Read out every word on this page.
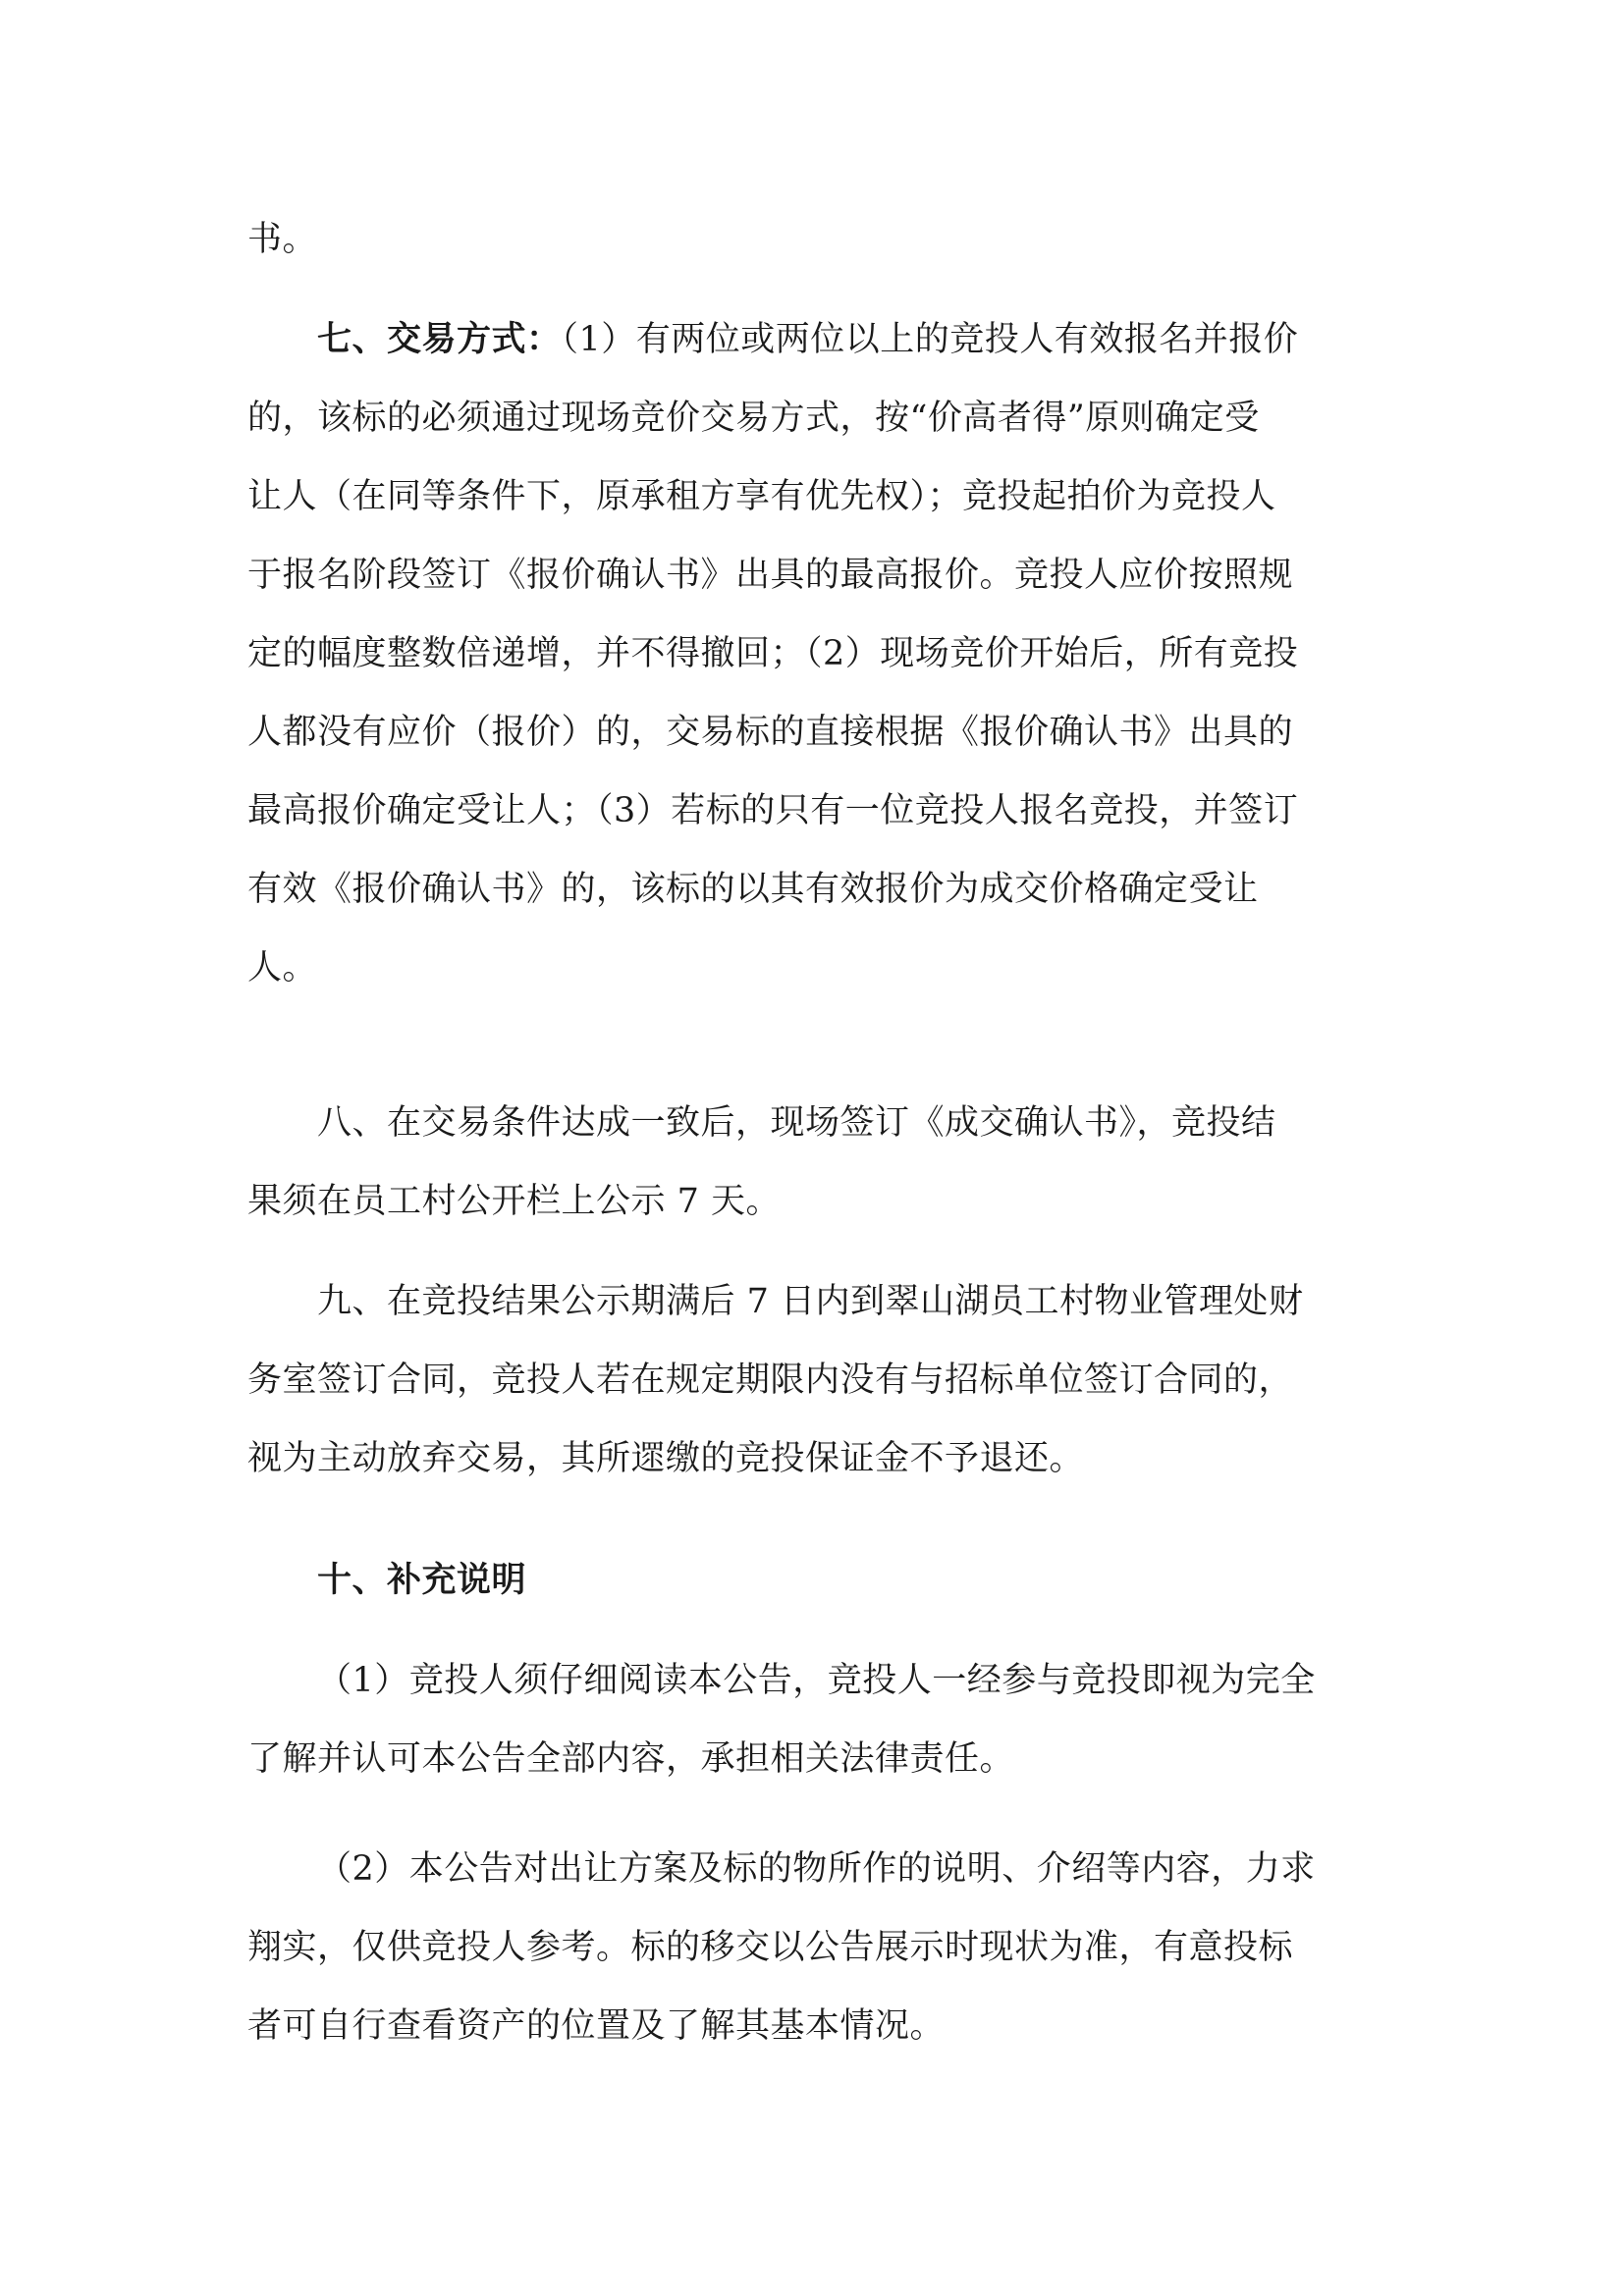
书。
七、交易方式：（1）有两位或两位以上的竞投人有效报名并报价
的，该标的必须通过现场竞价交易方式，按“价高者得”原则确定受
让人（在同等条件下，原承租方享有优先权）；竞投起拍价为竞投人
于报名阶段签订《报价确认书》出具的最高报价。竞投人应价按照规
定的幅度整数倍递增，并不得撤回；（2）现场竞价开始后，所有竞投
人都没有应价（报价）的，交易标的直接根据《报价确认书》出具的
最高报价确定受让人；（3）若标的只有一位竞投人报名竞投，并签订
有效《报价确认书》的，该标的以其有效报价为成交价格确定受让
人。
八、在交易条件达成一致后，现场签订《成交确认书》，竞投结
果须在员工村公开栏上公示 7 天。
九、在竞投结果公示期满后 7 日内到翠山湖员工村物业管理处财
务室签订合同，竞投人若在规定期限内没有与招标单位签订合同的，
视为主动放弃交易，其所遝缴的竞投保证金不予退还。
十、补充说明
（1）竞投人须仔细阅读本公告，竞投人一经参与竞投即视为完全
了解并认可本公告全部内容，承担相关法律责任。
（2）本公告对出让方案及标的物所作的说明、介绍等内容，力求
翔实，仅供竞投人参考。标的移交以公告展示时现状为准，有意投标
者可自行查看资产的位置及了解其基本情况。
